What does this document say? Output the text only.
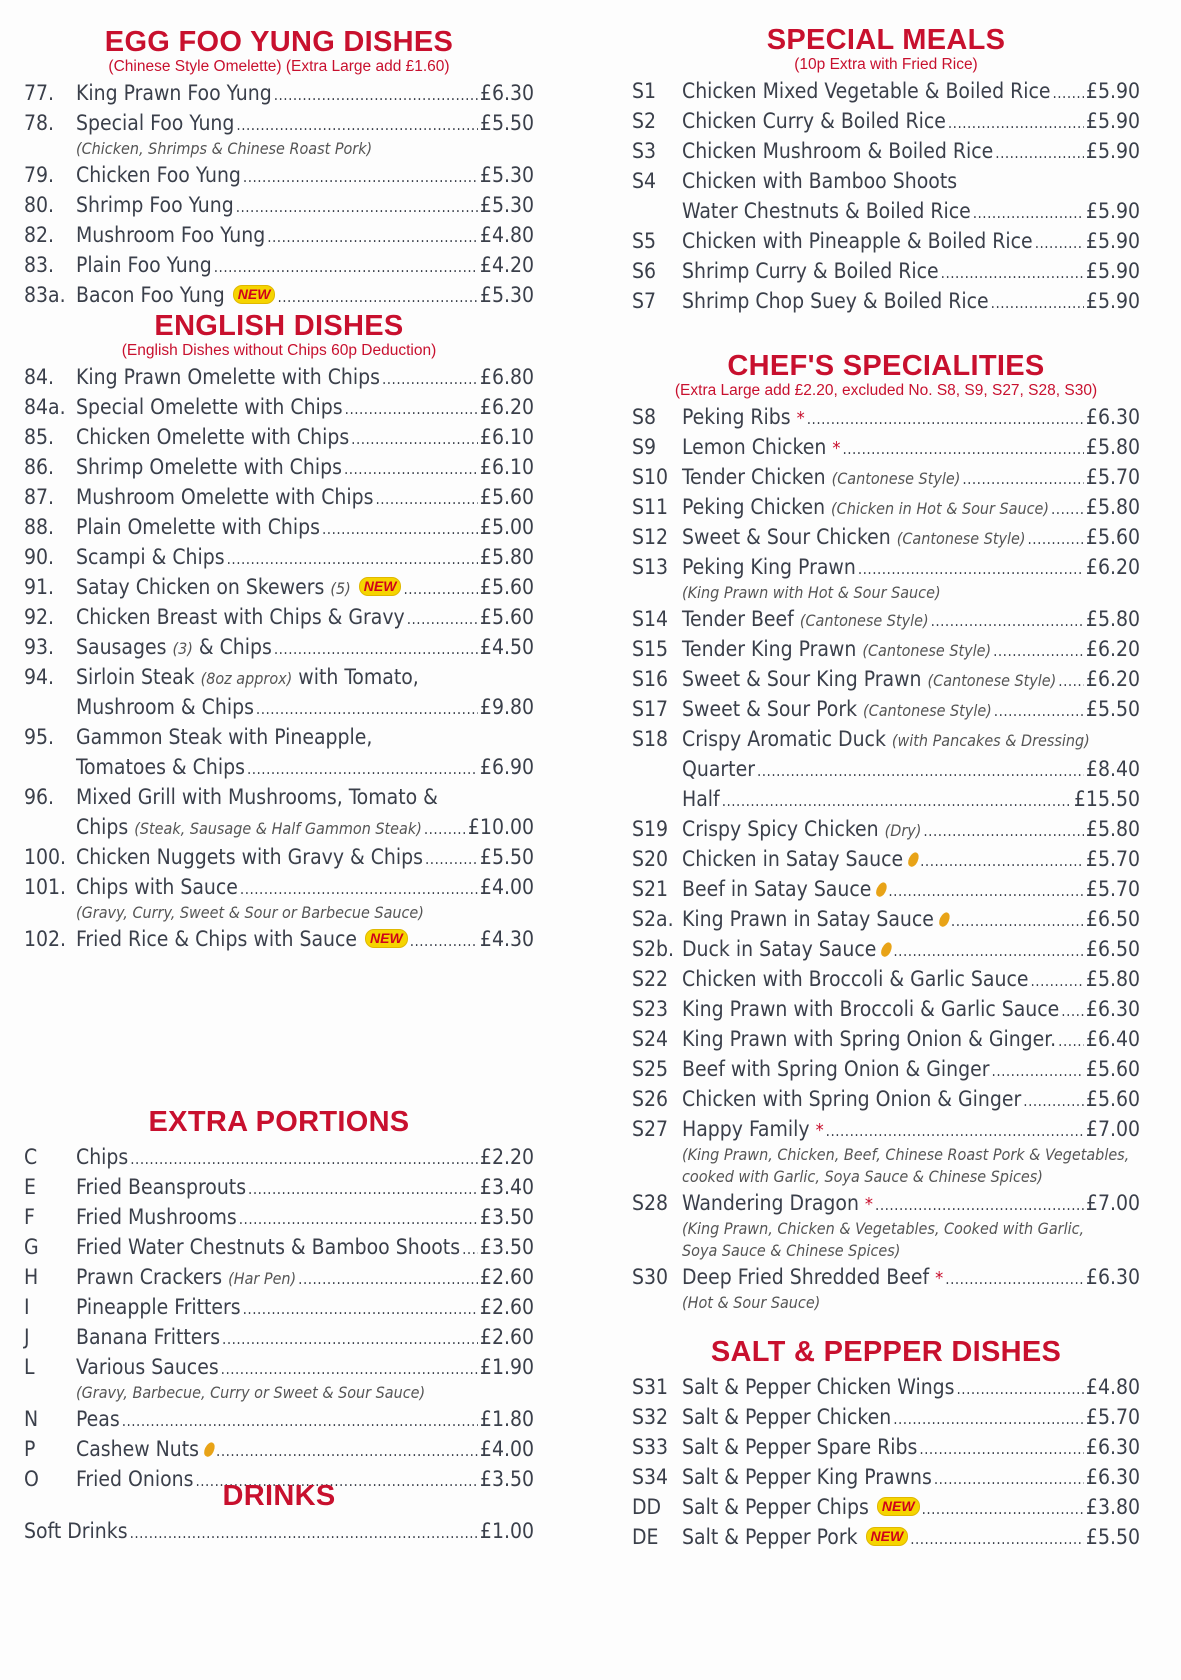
EGG FOO YUNG DISHES
(Chinese Style Omelette) (Extra Large add £1.60)
77.	King Prawn Foo Yung .....	£6.30
78.	Special Foo Yung .....	£5.50
(Chicken, Shrimps & Chinese Roast Pork)
79.	Chicken Foo Yung .....	£5.30
80.	Shrimp Foo Yung .....	£5.30
82.	Mushroom Foo Yung .....	£4.80
83.	Plain Foo Yung .....	£4.20
83a. Bacon Foo Yung NEW .....	£5.30
ENGLISH DISHES
(English Dishes without Chips 60p Deduction)
84.	King Prawn Omelette with Chips .....	£6.80
84a. Special Omelette with Chips .....	£6.20
85.	Chicken Omelette with Chips .....	£6.10
86.	Shrimp Omelette with Chips .....	£6.10
87.	Mushroom Omelette with Chips .....	£5.60
88.	Plain Omelette with Chips .....	£5.00
90.	Scampi & Chips .....	£5.80
91.	Satay Chicken on Skewers (5) NEW .....	£5.60
92.	Chicken Breast with Chips & Gravy .....	£5.60
93.	Sausages (3) & Chips .....	£4.50
94.	Sirloin Steak (8oz approx) with Tomato,
Mushroom & Chips .....	£9.80
95.	Gammon Steak with Pineapple,
Tomatoes & Chips .....	£6.90
96.	Mixed Grill with Mushrooms, Tomato &
Chips (Steak, Sausage & Half Gammon Steak) ..... £10.00
100. Chicken Nuggets with Gravy & Chips .....	£5.50
101. Chips with Sauce .....	£4.00
(Gravy, Curry, Sweet & Sour or Barbecue Sauce)
102. Fried Rice & Chips with Sauce NEW .....	£4.30
EXTRA PORTIONS
C	Chips .....	£2.20
E	Fried Beansprouts .....	£3.40
F	Fried Mushrooms .....	£3.50
G	Fried Water Chestnuts & Bamboo Shoots ..... £3.50
H	Prawn Crackers (Har Pen) .....	£2.60
I	Pineapple Fritters .....	£2.60
J	Banana Fritters .....	£2.60
L	Various Sauces .....	£1.90
(Gravy, Barbecue, Curry or Sweet & Sour Sauce)
N	Peas .....	£1.80
P	Cashew Nuts .....	£4.00
O	Fried Onions .....	£3.50
DRINKS
Soft Drinks .....	£1.00
SPECIAL MEALS
(10p Extra with Fried Rice)
S1	Chicken Mixed Vegetable & Boiled Rice ..... £5.90
S2	Chicken Curry & Boiled Rice .....	£5.90
S3	Chicken Mushroom & Boiled Rice .....	£5.90
S4	Chicken with Bamboo Shoots
Water Chestnuts & Boiled Rice .....	£5.90
S5	Chicken with Pineapple & Boiled Rice .....	£5.90
S6	Shrimp Curry & Boiled Rice .....	£5.90
S7	Shrimp Chop Suey & Boiled Rice .....	£5.90
CHEF'S SPECIALITIES
(Extra Large add £2.20, excluded No. S8, S9, S27, S28, S30)
S8	Peking Ribs * .....	£6.30
S9	Lemon Chicken * .....	£5.80
S10 Tender Chicken (Cantonese Style) .....	£5.70
S11 Peking Chicken (Chicken in Hot & Sour Sauce) ..... £5.80
S12 Sweet & Sour Chicken (Cantonese Style) .....	£5.60
S13 Peking King Prawn .....	£6.20
(King Prawn with Hot & Sour Sauce)
S14 Tender Beef (Cantonese Style) .....	£5.80
S15 Tender King Prawn (Cantonese Style) .....	£6.20
S16 Sweet & Sour King Prawn (Cantonese Style) ..... £6.20
S17 Sweet & Sour Pork (Cantonese Style) .....	£5.50
S18 Crispy Aromatic Duck (with Pancakes & Dressing)
Quarter .....	£8.40
Half .....	£15.50
S19 Crispy Spicy Chicken (Dry) .....	£5.80
S20 Chicken in Satay Sauce .....	£5.70
S21 Beef in Satay Sauce .....	£5.70
S2a. King Prawn in Satay Sauce .....	£6.50
S2b. Duck in Satay Sauce .....	£6.50
S22 Chicken with Broccoli & Garlic Sauce .....	£5.80
S23 King Prawn with Broccoli & Garlic Sauce ..... £6.30
S24 King Prawn with Spring Onion & Ginger. ..... £6.40
S25 Beef with Spring Onion & Ginger .....	£5.60
S26 Chicken with Spring Onion & Ginger .....	£5.60
S27 Happy Family * .....	£7.00
(King Prawn, Chicken, Beef, Chinese Roast Pork & Vegetables,
cooked with Garlic, Soya Sauce & Chinese Spices)
S28 Wandering Dragon * .....	£7.00
(King Prawn, Chicken & Vegetables, Cooked with Garlic,
Soya Sauce & Chinese Spices)
S30 Deep Fried Shredded Beef * .....	£6.30
(Hot & Sour Sauce)
SALT & PEPPER DISHES
S31 Salt & Pepper Chicken Wings .....	£4.80
S32 Salt & Pepper Chicken .....	£5.70
S33 Salt & Pepper Spare Ribs .....	£6.30
S34 Salt & Pepper King Prawns .....	£6.30
DD Salt & Pepper Chips NEW .....	£3.80
DE	Salt & Pepper Pork NEW .....	£5.50
